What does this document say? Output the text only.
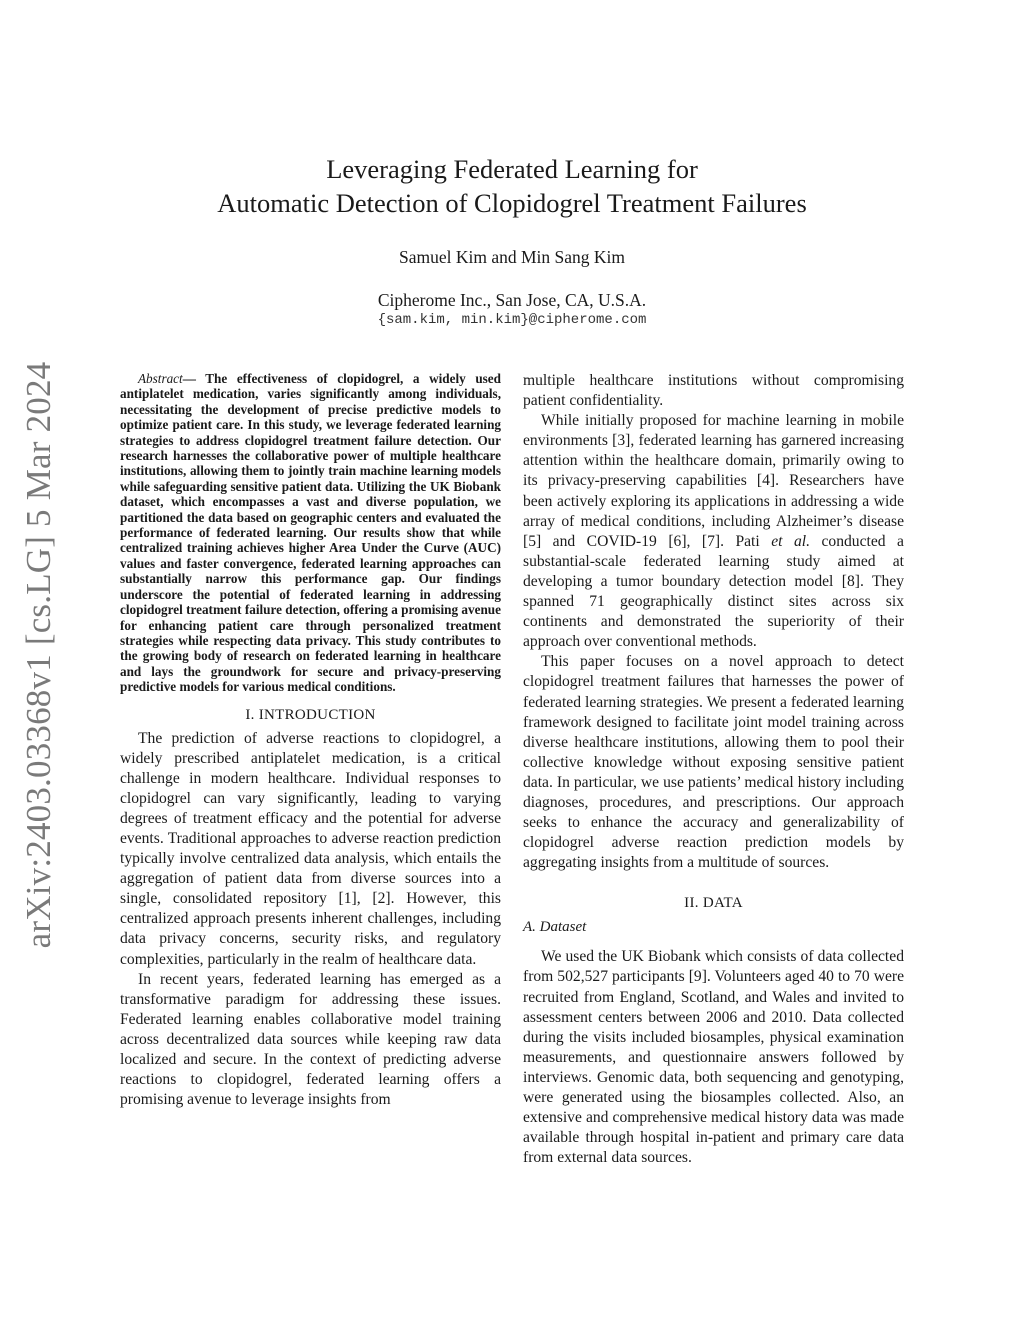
arXiv:2403.03368v1 [cs.LG] 5 Mar 2024
Leveraging Federated Learning for
Automatic Detection of Clopidogrel Treatment Failures
Samuel Kim and Min Sang Kim
Cipherome Inc., San Jose, CA, U.S.A.
{sam.kim, min.kim}@cipherome.com

Abstract— The effectiveness of clopidogrel, a widely used antiplatelet medication, varies significantly among individuals, necessitating the development of precise predictive models to optimize patient care. In this study, we leverage federated learning strategies to address clopidogrel treatment failure detection. Our research harnesses the collaborative power of multiple healthcare institutions, allowing them to jointly train machine learning models while safeguarding sensitive patient data. Utilizing the UK Biobank dataset, which encompasses a vast and diverse population, we partitioned the data based on geographic centers and evaluated the performance of federated learning. Our results show that while centralized training achieves higher Area Under the Curve (AUC) values and faster convergence, federated learning approaches can substantially narrow this performance gap. Our findings underscore the potential of federated learning in addressing clopidogrel treatment failure detection, offering a promising avenue for enhancing patient care through personalized treatment strategies while respecting data privacy. This study contributes to the growing body of research on federated learning in healthcare and lays the groundwork for secure and privacy-preserving predictive models for various medical conditions.

I. INTRODUCTION

The prediction of adverse reactions to clopidogrel, a widely prescribed antiplatelet medication, is a critical challenge in modern healthcare. Individual responses to clopidogrel can vary significantly, leading to varying degrees of treatment efficacy and the potential for adverse events. Traditional approaches to adverse reaction prediction typically involve centralized data analysis, which entails the aggregation of patient data from diverse sources into a single, consolidated repository [1], [2]. However, this centralized approach presents inherent challenges, including data privacy concerns, security risks, and regulatory complexities, particularly in the realm of healthcare data.

In recent years, federated learning has emerged as a transformative paradigm for addressing these issues. Federated learning enables collaborative model training across decentralized data sources while keeping raw data localized and secure. In the context of predicting adverse reactions to clopidogrel, federated learning offers a promising avenue to leverage insights from

multiple healthcare institutions without compromising patient confidentiality.

While initially proposed for machine learning in mobile environments [3], federated learning has garnered increasing attention within the healthcare domain, primarily owing to its privacy-preserving capabilities [4]. Researchers have been actively exploring its applications in addressing a wide array of medical conditions, including Alzheimer’s disease [5] and COVID-19 [6], [7]. Pati et al. conducted a substantial-scale federated learning study aimed at developing a tumor boundary detection model [8]. They spanned 71 geographically distinct sites across six continents and demonstrated the superiority of their approach over conventional methods.

This paper focuses on a novel approach to detect clopidogrel treatment failures that harnesses the power of federated learning strategies. We present a federated learning framework designed to facilitate joint model training across diverse healthcare institutions, allowing them to pool their collective knowledge without exposing sensitive patient data. In particular, we use patients’ medical history including diagnoses, procedures, and prescriptions. Our approach seeks to enhance the accuracy and generalizability of clopidogrel adverse reaction prediction models by aggregating insights from a multitude of sources.

II. DATA
A. Dataset

We used the UK Biobank which consists of data collected from 502,527 participants [9]. Volunteers aged 40 to 70 were recruited from England, Scotland, and Wales and invited to assessment centers between 2006 and 2010. Data collected during the visits included biosamples, physical examination measurements, and questionnaire answers followed by interviews. Genomic data, both sequencing and genotyping, were generated using the biosamples collected. Also, an extensive and comprehensive medical history data was made available through hospital in-patient and primary care data from external data sources.
